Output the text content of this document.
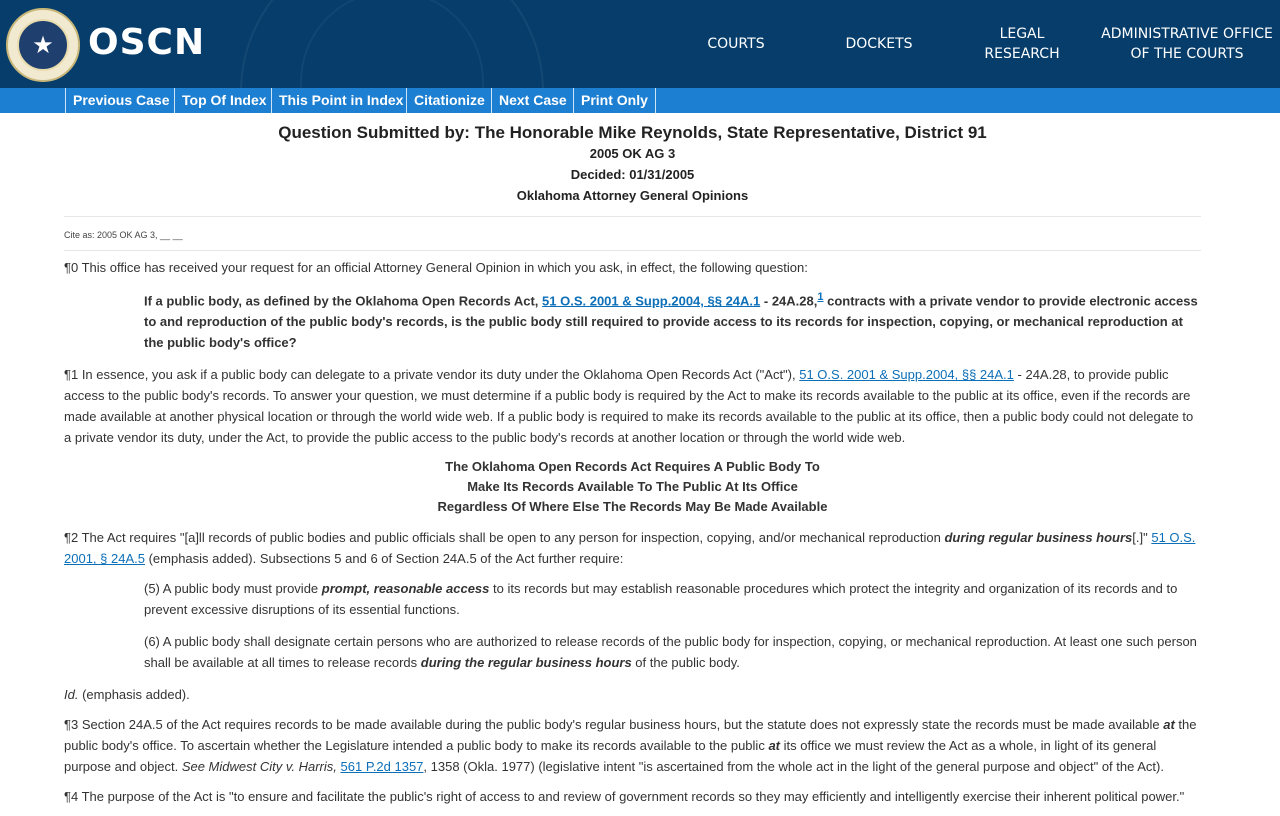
★ OSCN	COURTS	DOCKETS
LEGAL RESEARCH
ADMINISTRATIVE OFFICE OF THE COURTS
Previous Case Top Of Index This Point in Index Citationize	Next Case	Print Only
Question Submitted by: The Honorable Mike Reynolds, State Representative, District 91
2005 OK AG 3
Decided: 01/31/2005
Oklahoma Attorney General Opinions
Cite as: 2005 OK AG 3, __ __

¶0 This office has received your request for an official Attorney General Opinion in which you ask, in effect, the following question:

If a public body, as defined by the Oklahoma Open Records Act, 51 O.S. 2001 & Supp.2004, §§ 24A.1 - 24A.28,$^1$ contracts with a private vendor to provide electronic access to and reproduction of the public body's records, is the public body still required to provide access to its records for inspection, copying, or mechanical reproduction at the public body's office?

¶1 In essence, you ask if a public body can delegate to a private vendor its duty under the Oklahoma Open Records Act ("Act"), 51 O.S. 2001 & Supp.2004, §§ 24A.1 - 24A.28, to provide public access to the public body's records. To answer your question, we must determine if a public body is required by the Act to make its records available to the public at its office, even if the records are made available at another physical location or through the world wide web. If a public body is required to make its records available to the public at its office, then a public body could not delegate to a private vendor its duty, under the Act, to provide the public access to the public body's records at another location or through the world wide web.

The Oklahoma Open Records Act Requires A Public Body To
Make Its Records Available To The Public At Its Office
Regardless Of Where Else The Records May Be Made Available

¶2 The Act requires "[a]ll records of public bodies and public officials shall be open to any person for inspection, copying, and/or mechanical reproduction during regular business hours[.]" 51 O.S. 2001, § 24A.5 (emphasis added). Subsections 5 and 6 of Section 24A.5 of the Act further require:

(5) A public body must provide prompt, reasonable access to its records but may establish reasonable procedures which protect the integrity and organization of its records and to prevent excessive disruptions of its essential functions.

(6) A public body shall designate certain persons who are authorized to release records of the public body for inspection, copying, or mechanical reproduction. At least one such person shall be available at all times to release records during the regular business hours of the public body.

Id. (emphasis added).

¶3 Section 24A.5 of the Act requires records to be made available during the public body's regular business hours, but the statute does not expressly state the records must be made available at the public body's office. To ascertain whether the Legislature intended a public body to make its records available to the public at its office we must review the Act as a whole, in light of its general purpose and object. See Midwest City v. Harris, 561 P.2d 1357, 1358 (Okla. 1977) (legislative intent "is ascertained from the whole act in the light of the general purpose and object" of the Act).

¶4 The purpose of the Act is "to ensure and facilitate the public's right of access to and review of government records so they may efficiently and intelligently exercise their inherent political power."
